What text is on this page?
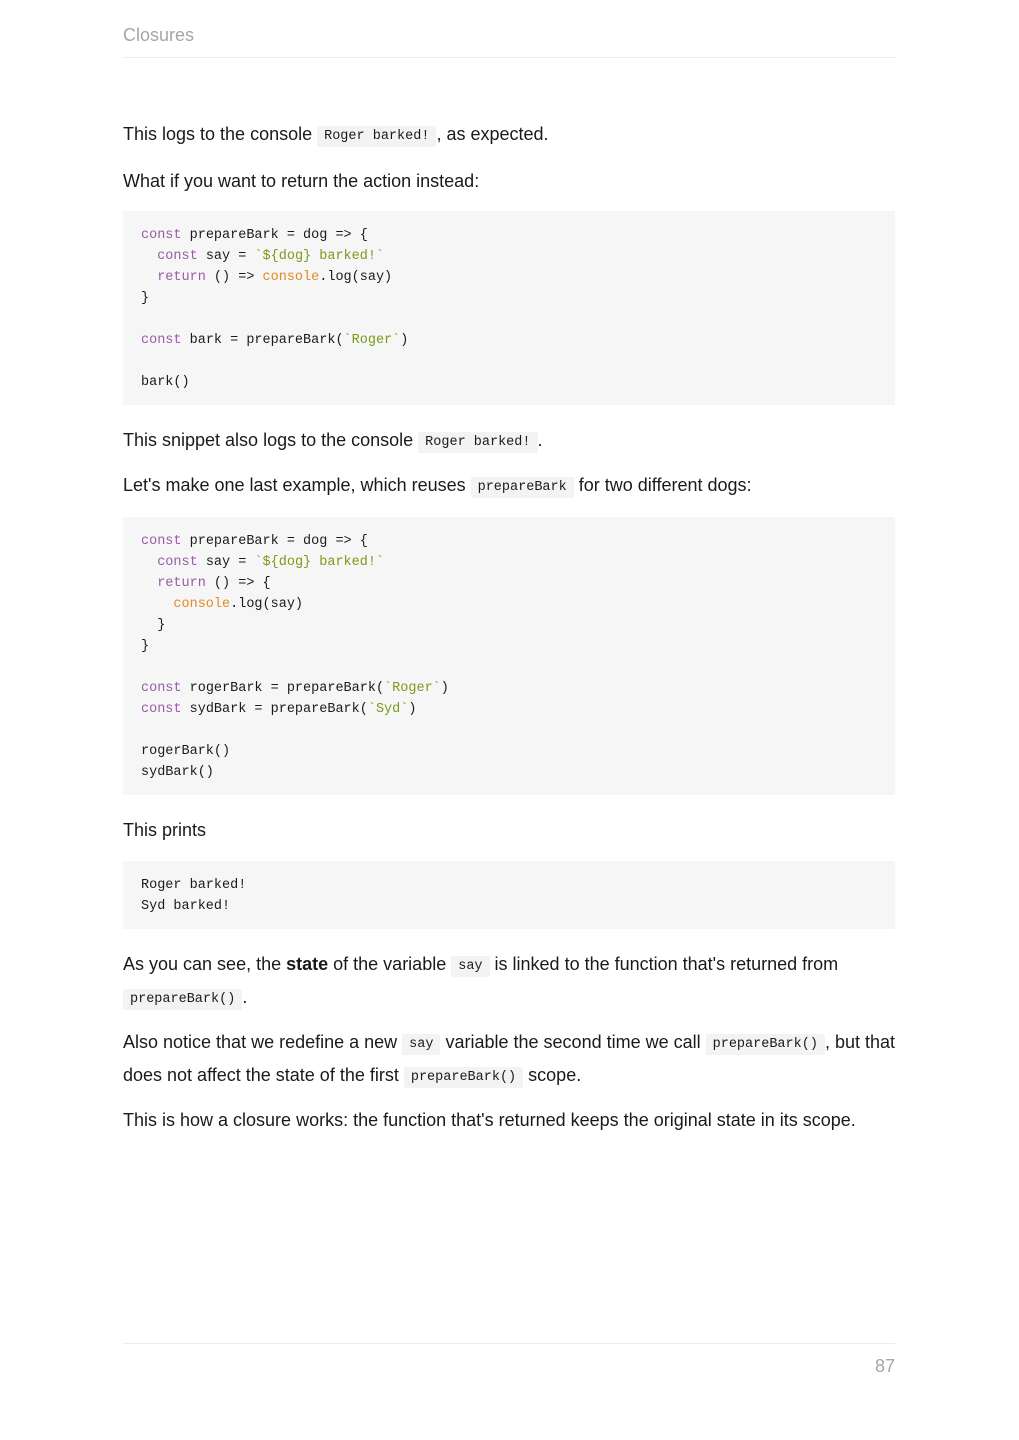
Closures

This logs to the console Roger barked! , as expected.

What if you want to return the action instead:

const prepareBark = dog => {
const say = `${dog} barked!`
return () => console.log(say)
}

const bark = prepareBark(`Roger`)

bark()

This snippet also logs to the console Roger barked! .

Let's make one last example, which reuses prepareBark for two different dogs:

const prepareBark = dog => {
const say = `${dog} barked!`
return () => {
console.log(say)
}
}

const rogerBark = prepareBark(`Roger`)
const sydBark = prepareBark(`Syd`)

rogerBark()
sydBark()

This prints

Roger barked!
Syd barked!

As you can see, the state of the variable say is linked to the function that's returned from prepareBark() .

Also notice that we redefine a new say variable the second time we call prepareBark() , but that does not affect the state of the first prepareBark() scope.

This is how a closure works: the function that's returned keeps the original state in its scope.

87
